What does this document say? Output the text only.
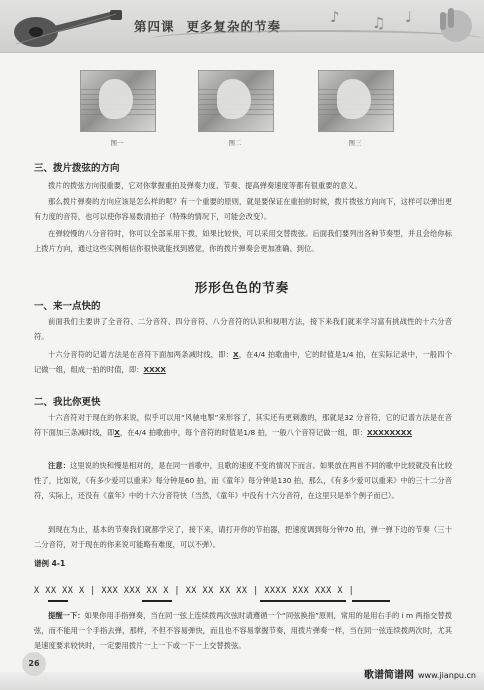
第四课 更多复杂的节奏
♪ ♫ ♩
图一	图二	图三
三、拨片拨弦的方向
拨片的拨弦方向很重要，它对你掌握重拍及弹奏力度、节奏、提高弹奏速度等都有很重要的意义。
那么拨片弹奏的方向应该是怎么样的呢？有一个重要的原则，就是要保证在重拍的时候，拨片拨弦方向向下，这样可以弹出更有力度的音符，也可以使你容易数清拍子（特殊的情况下，可能会改变）。
在弹较慢的八分音符时，你可以全部采用下拨，如果比较快，可以采用交替拨弦。后面我们要列出各种节奏型，并且会给你标上拨片方向，通过这些实例相信你很快就能找到感觉，你的拨片弹奏会更加准确、到位。
形形色色的节奏
一、来一点快的
前面我们主要讲了全音符、二分音符、四分音符、八分音符的认识和视唱方法，接下来我们就来学习富有挑战性的十六分音符。
十六分音符的记谱方法是在音符下面加两条减时线，即：X，在4/4 拍歌曲中，它的时值是1/4 拍，在实际记录中，一般四个记做一组，组成一拍的时值，即：XXXX
二、我比你更快
十六音符对于现在的你来说，似乎可以用“风驰电掣”来形容了，其实还有更刺激的，那就是32 分音符，它的记谱方法是在音符下面加三条减时线，即X，在4/4 拍歌曲中，每个音符的时值是1/8 拍，一般八个音符记做一组，即：XXXXXXXX
注意：这里说的快和慢是相对的，是在同一首歌中，且歌的速度不变的情况下而言。如果放在两首不同的歌中比较就没有比较性了，比如说，《有多少爱可以重来》每分钟是60 拍，而《童年》每分钟是130 拍，那么，《有多少爱可以重来》中的三十二分音符，实际上，还没有《童年》中的十六分音符快（当然，《童年》中没有十六分音符，在这里只是举个例子而已）。
到现在为止，基本的节奏我们就都学完了，接下来，请打开你的节拍器，把速度调到每分钟70 拍，弹一弹下边的节奏（三十二分音符，对于现在的你来说可能略有难度，可以不弹）。
谱例 4-1
X XX XX X | XXX XXX XX X | XX XX XX XX | XXXX XXX XXX X |
提醒一下：如果你用手指弹奏，当在同一弦上连续拨两次弦时请遵循一个“同弦换指”原则，常用的是用右手的 i m 两指交替拨弦，而不能用一个手指去弹，那样，不但不容易弹快，而且也不容易掌握节奏，用拨片弹奏一样，当在同一弦连续拨两次时，尤其是速度要求较快时，一定要用拨片一上一下或一下一上交替拨弦。
26
歌谱简谱网 www.jianpu.cn
